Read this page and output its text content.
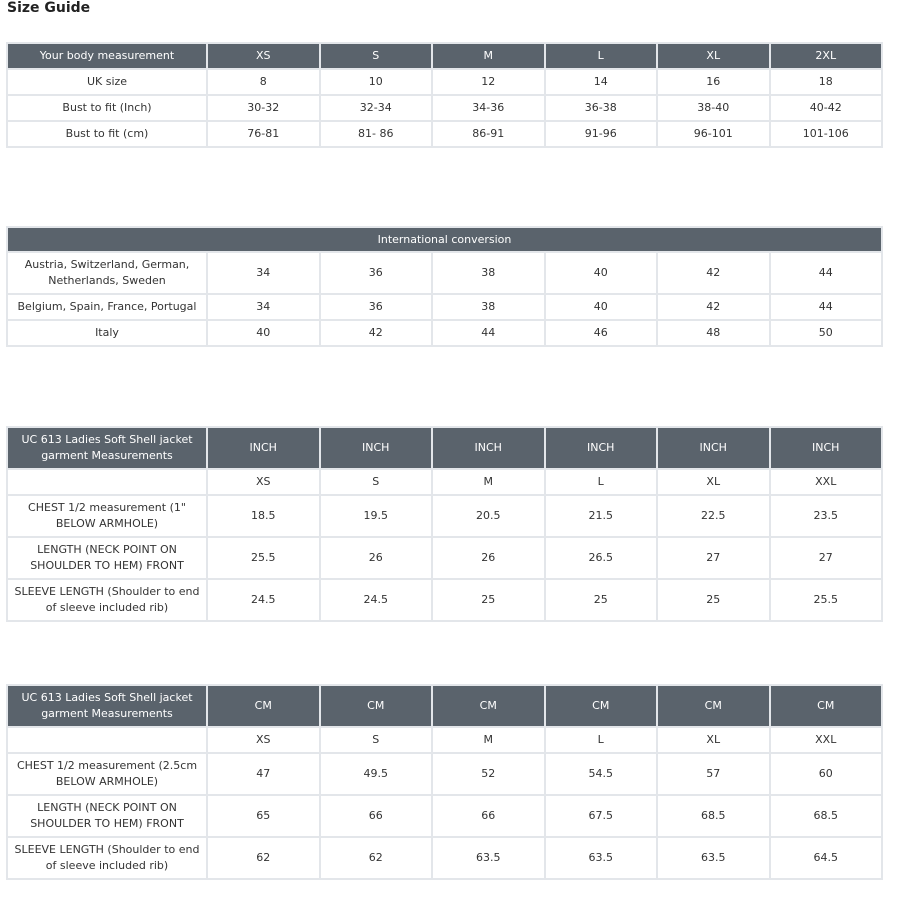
Size Guide
Your body measurement	XS	S	M	L	XL	2XL
UK size	8	10	12	14	16	18
Bust to fit (Inch)	30-32	32-34	34-36	36-38	38-40	40-42
Bust to fit (cm)	76-81	81- 86	86-91	91-96	96-101	101-106
International conversion						
Austria, Switzerland, German, Netherlands, Sweden	34	36	38	40	42	44
Belgium, Spain, France, Portugal	34	36	38	40	42	44
Italy	40	42	44	46	48	50
UC 613 Ladies Soft Shell jacket garment Measurements	INCH	INCH	INCH	INCH	INCH	INCH
	XS	S	M	L	XL	XXL
CHEST 1/2 measurement (1" BELOW ARMHOLE)	18.5	19.5	20.5	21.5	22.5	23.5
LENGTH (NECK POINT ON SHOULDER TO HEM) FRONT	25.5	26	26	26.5	27	27
SLEEVE LENGTH (Shoulder to end of sleeve included rib)	24.5	24.5	25	25	25	25.5
UC 613 Ladies Soft Shell jacket garment Measurements	CM	CM	CM	CM	CM	CM
	XS	S	M	L	XL	XXL
CHEST 1/2 measurement (2.5cm BELOW ARMHOLE)	47	49.5	52	54.5	57	60
LENGTH (NECK POINT ON SHOULDER TO HEM) FRONT	65	66	66	67.5	68.5	68.5
SLEEVE LENGTH (Shoulder to end of sleeve included rib)	62	62	63.5	63.5	63.5	64.5
